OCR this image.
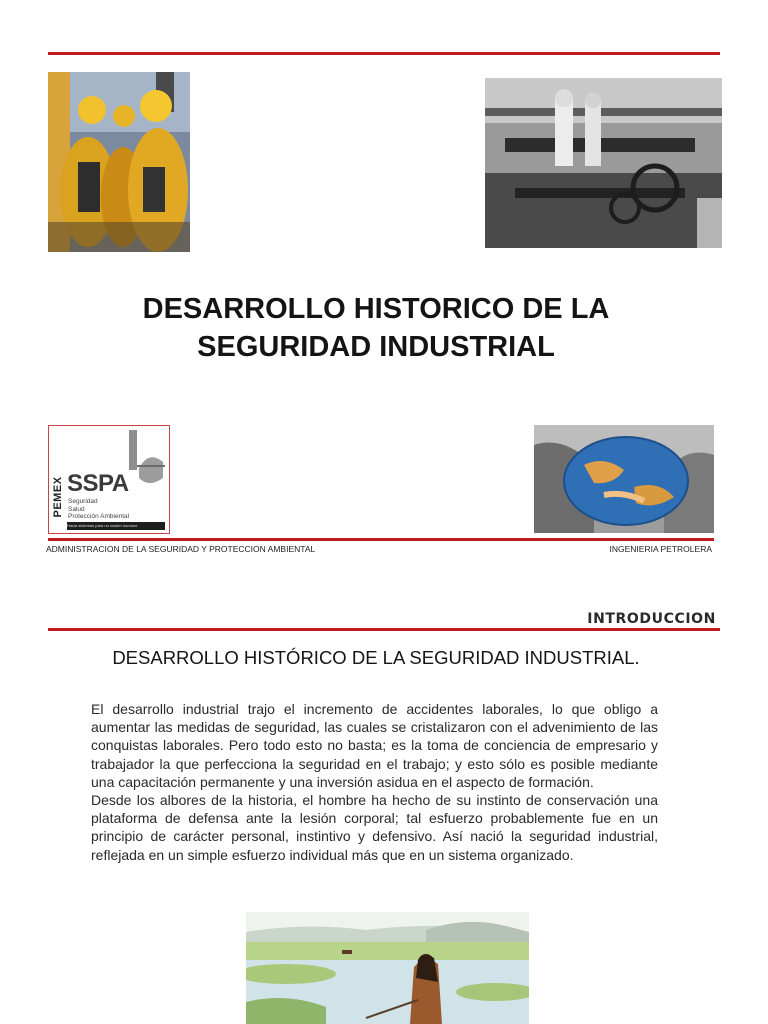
DESARROLLO HISTORICO DE LA
SEGURIDAD INDUSTRIAL
PEMEX SSPA
Seguridad
Salud
Protección Ambiental
Hacia sistemas para un sostén humano
ADMINISTRACION DE LA SEGURIDAD Y PROTECCION AMBIENTAL	INGENIERIA PETROLERA
INTRODUCCION
DESARROLLO HISTÓRICO DE LA SEGURIDAD INDUSTRIAL.

El desarrollo industrial trajo el incremento de accidentes laborales, lo que obligo a aumentar las medidas de seguridad, las cuales se cristalizaron con el advenimiento de las conquistas laborales. Pero todo esto no basta; es la toma de conciencia de empresario y trabajador la que perfecciona la seguridad en el trabajo; y esto sólo es posible mediante una capacitación permanente y una inversión asidua en el aspecto de formación.

Desde los albores de la historia, el hombre ha hecho de su instinto de conservación una plataforma de defensa ante la lesión corporal; tal esfuerzo probablemente fue en un principio de carácter personal, instintivo y defensivo. Así nació la seguridad industrial, reflejada en un simple esfuerzo individual más que en un sistema organizado.
